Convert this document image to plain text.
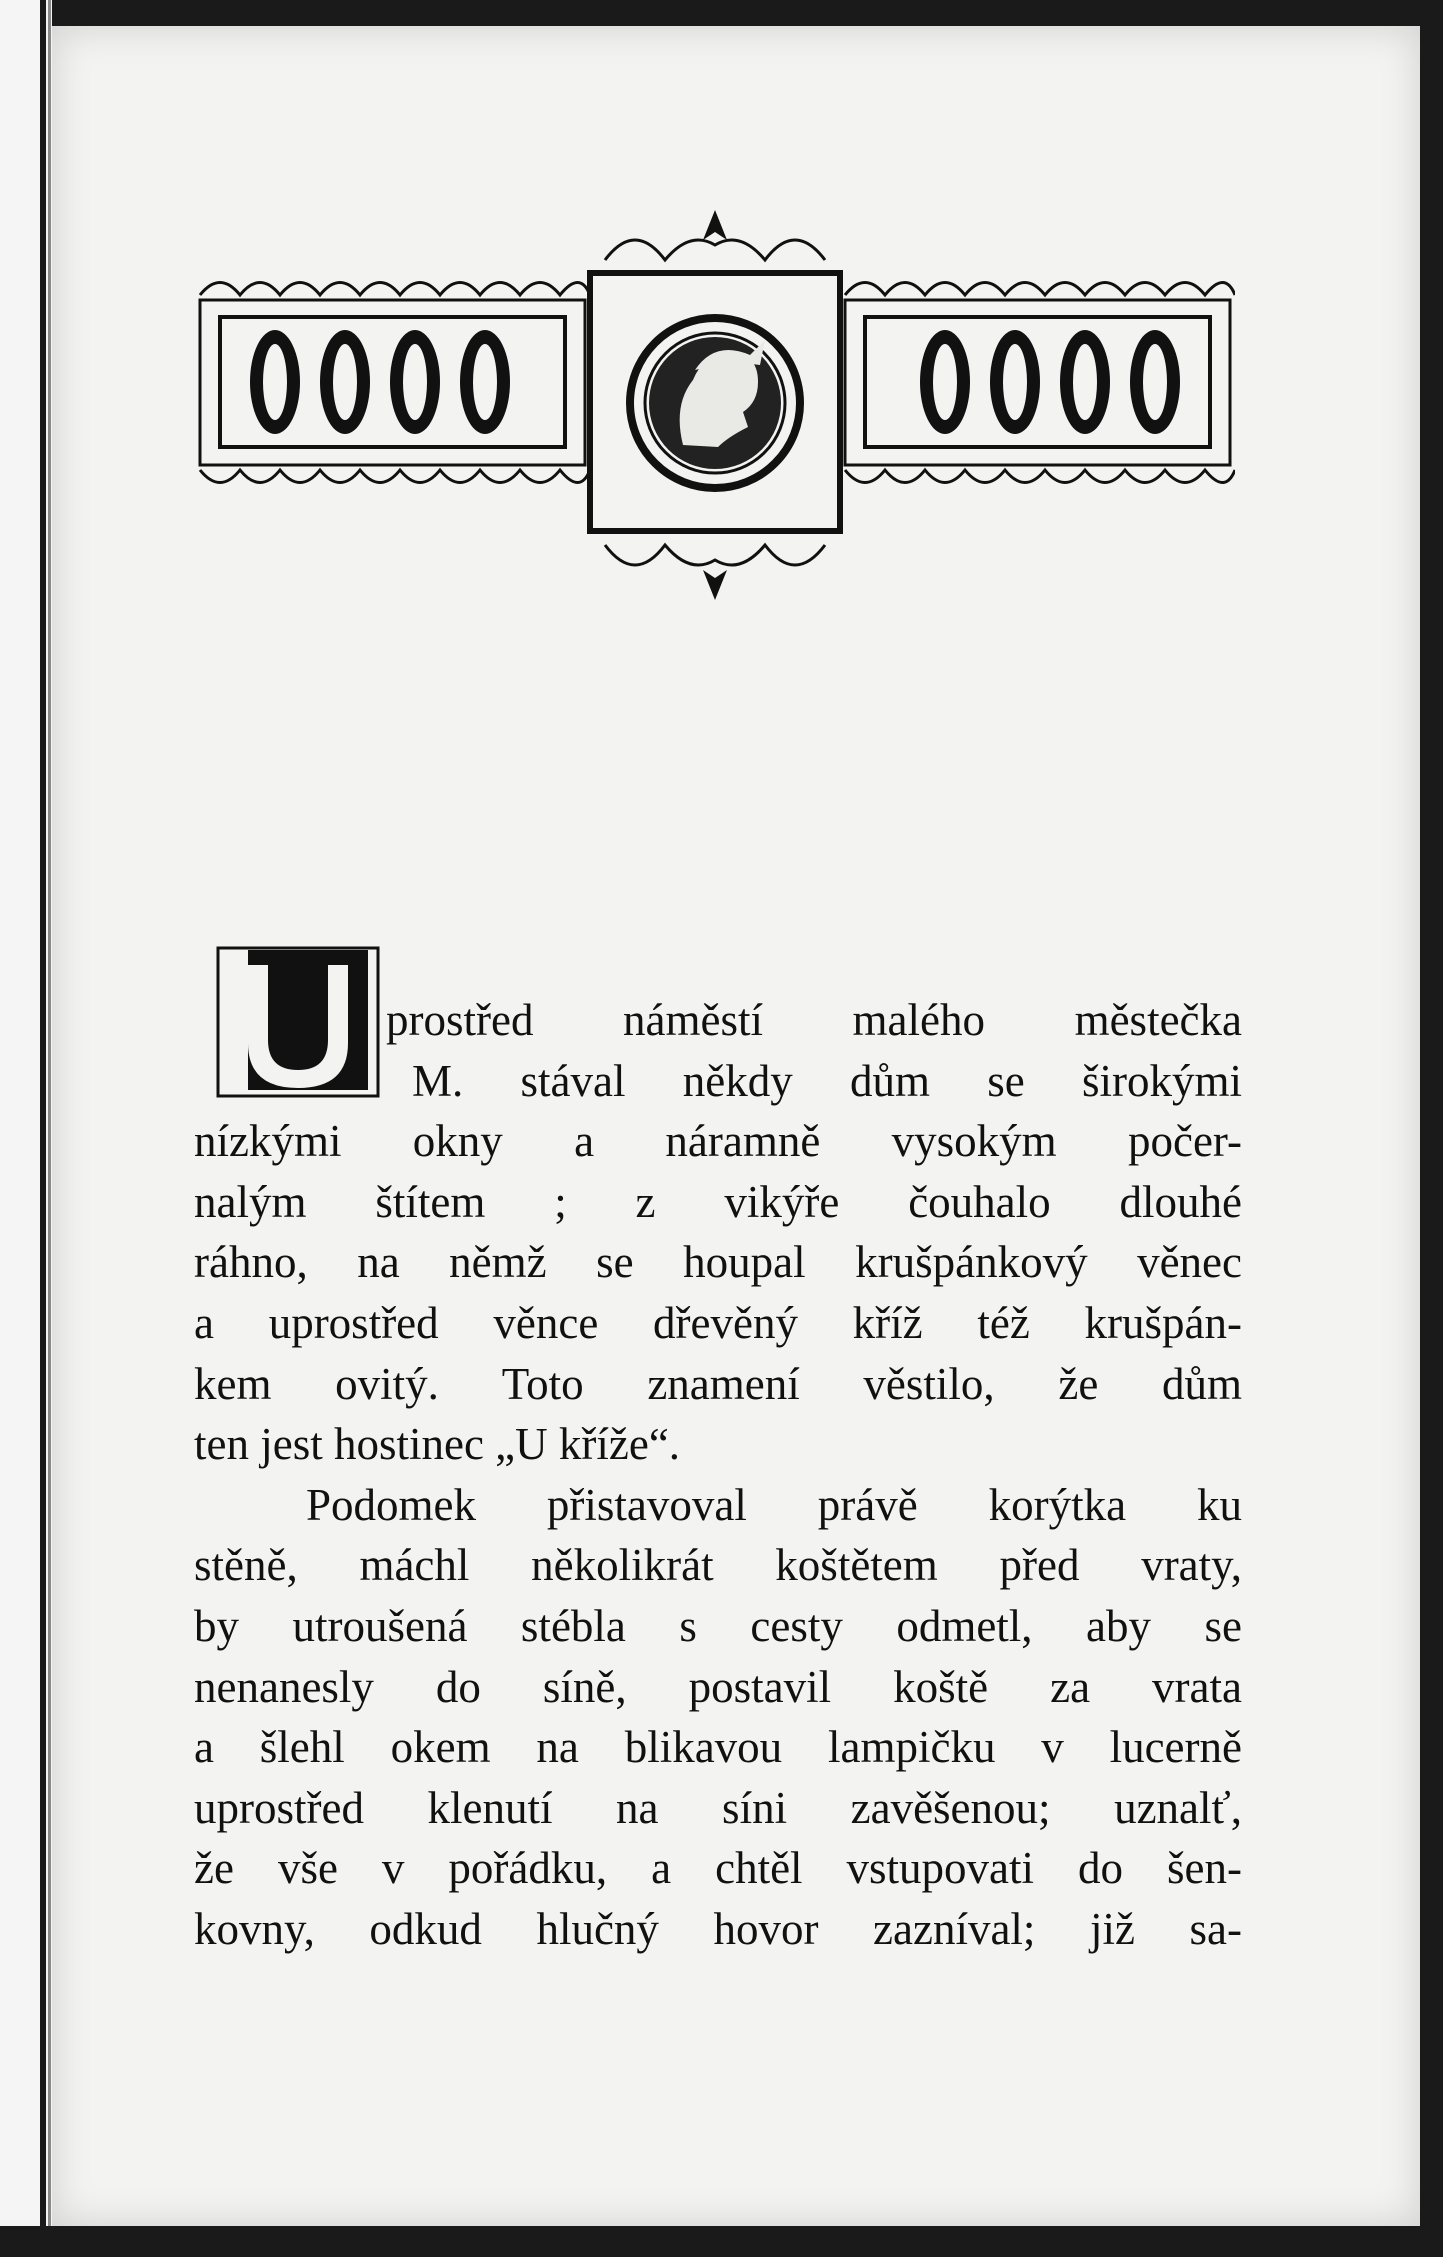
prostřed náměstí malého městečka
M. stával někdy dům se širokými
nízkými okny a náramně vysokým počer-
nalým štítem ; z vikýře čouhalo dlouhé
ráhno, na němž se houpal krušpánkový věnec
a uprostřed věnce dřevěný kříž též krušpán-
kem ovitý. Toto znamení věstilo, že dům
ten jest hostinec „U kříže“.
Podomek přistavoval právě korýtka ku
stěně, máchl několikrát koštětem před vraty,
by utroušená stébla s cesty odmetl, aby se
nenanesly do síně, postavil koště za vrata
a šlehl okem na blikavou lampičku v lucerně
uprostřed klenutí na síni zavěšenou; uznalť,
že vše v pořádku, a chtěl vstupovati do šen-
kovny, odkud hlučný hovor zazníval; již sa-
